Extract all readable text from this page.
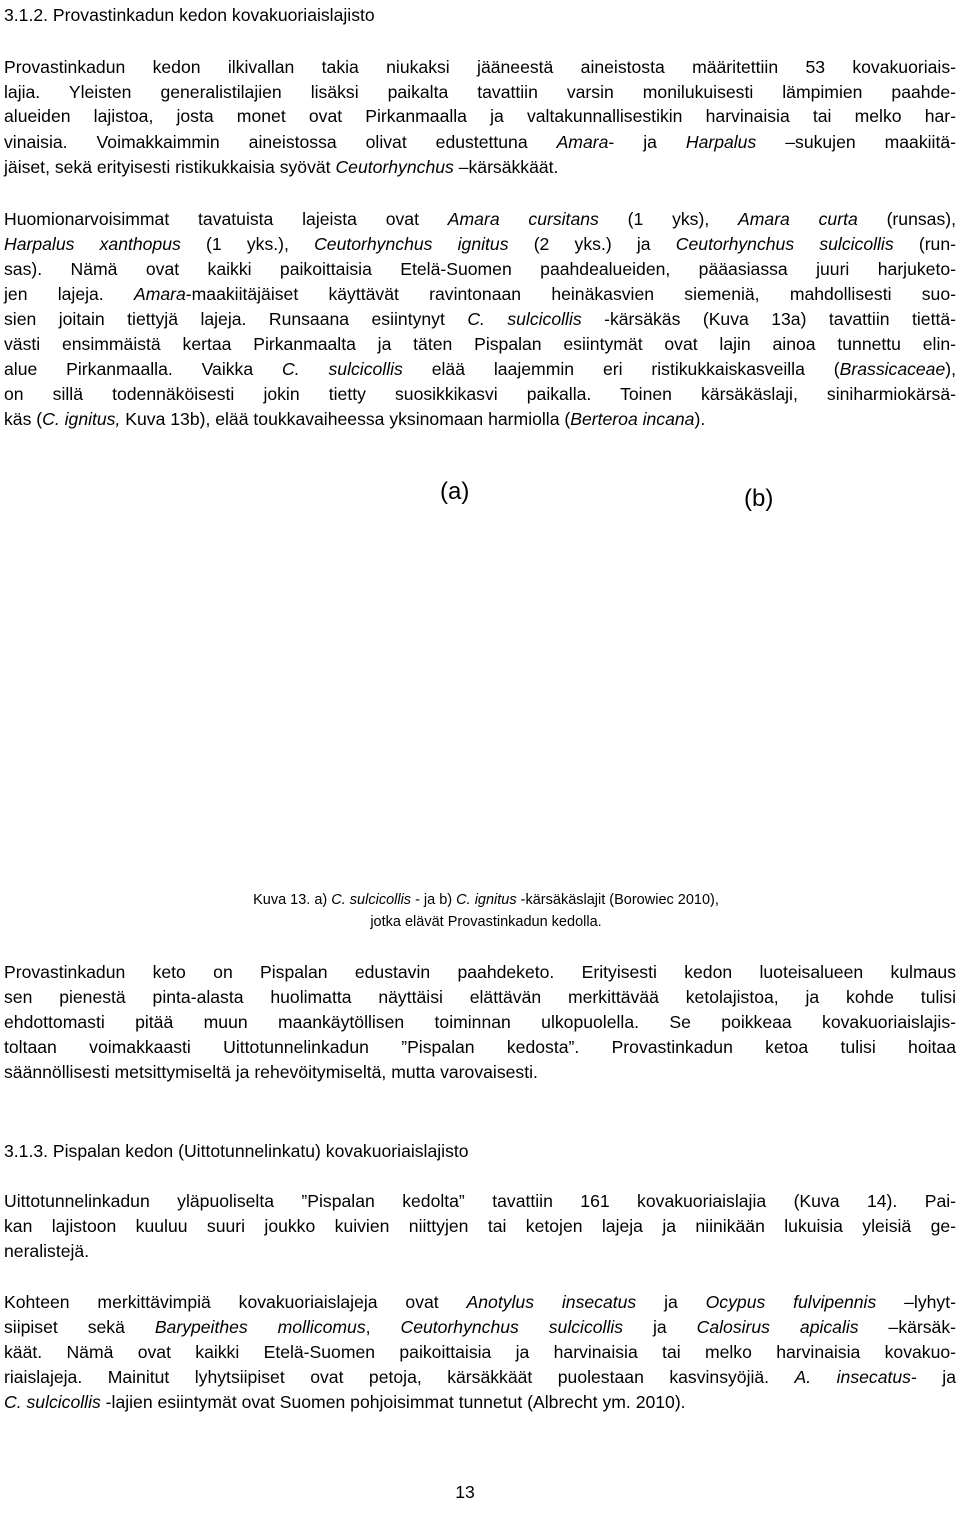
3.1.2. Provastinkadun kedon kovakuoriaislajisto
Provastinkadun kedon ilkivallan takia niukaksi jääneestä aineistosta määritettiin 53 kovakuoriais-
lajia. Yleisten generalistilajien lisäksi paikalta tavattiin varsin monilukuisesti lämpimien paahde-
alueiden lajistoa, josta monet ovat Pirkanmaalla ja valtakunnallisestikin harvinaisia tai melko har-
vinaisia. Voimakkaimmin aineistossa olivat edustettuna Amara- ja Harpalus –sukujen maakiitä-
jäiset, sekä erityisesti ristikukkaisia syövät Ceutorhynchus –kärsäkkäät.
Huomionarvoisimmat tavatuista lajeista ovat Amara cursitans (1 yks), Amara curta (runsas),
Harpalus xanthopus (1 yks.), Ceutorhynchus ignitus (2 yks.) ja Ceutorhynchus sulcicollis (run-
sas). Nämä ovat kaikki paikoittaisia Etelä-Suomen paahdealueiden, pääasiassa juuri harjuketo-
jen lajeja. Amara-maakiitäjäiset käyttävät ravintonaan heinäkasvien siemeniä, mahdollisesti suo-
sien joitain tiettyjä lajeja. Runsaana esiintynyt C. sulcicollis -kärsäkäs (Kuva 13a) tavattiin tiettä-
västi ensimmäistä kertaa Pirkanmaalta ja täten Pispalan esiintymät ovat lajin ainoa tunnettu elin-
alue Pirkanmaalla. Vaikka C. sulcicollis elää laajemmin eri ristikukkaiskasveilla (Brassicaceae),
on sillä todennäköisesti jokin tietty suosikkikasvi paikalla. Toinen kärsäkäslaji, siniharmiokärsä-
käs (C. ignitus, Kuva 13b), elää toukkavaiheessa yksinomaan harmiolla (Berteroa incana).
(a)	(b)
Kuva 13. a) C. sulcicollis - ja b) C. ignitus -kärsäkäslajit (Borowiec 2010),
jotka elävät Provastinkadun kedolla.
Provastinkadun keto on Pispalan edustavin paahdeketo. Erityisesti kedon luoteisalueen kulmaus
sen pienestä pinta-alasta huolimatta näyttäisi elättävän merkittävää ketolajistoa, ja kohde tulisi
ehdottomasti pitää muun maankäytöllisen toiminnan ulkopuolella. Se poikkeaa kovakuoriaislajis-
toltaan voimakkaasti Uittotunnelinkadun ”Pispalan kedosta”. Provastinkadun ketoa tulisi hoitaa
säännöllisesti metsittymiseltä ja rehevöitymiseltä, mutta varovaisesti.
3.1.3. Pispalan kedon (Uittotunnelinkatu) kovakuoriaislajisto
Uittotunnelinkadun yläpuoliselta ”Pispalan kedolta” tavattiin 161 kovakuoriaislajia (Kuva 14). Pai-
kan lajistoon kuuluu suuri joukko kuivien niittyjen tai ketojen lajeja ja niinikään lukuisia yleisiä ge-
neralistejä.
Kohteen merkittävimpiä kovakuoriaislajeja ovat Anotylus insecatus ja Ocypus fulvipennis –lyhyt-
siipiset sekä Barypeithes mollicomus, Ceutorhynchus sulcicollis ja Calosirus apicalis –kärsäk-
käät. Nämä ovat kaikki Etelä-Suomen paikoittaisia ja harvinaisia tai melko harvinaisia kovakuo-
riaislajeja. Mainitut lyhytsiipiset ovat petoja, kärsäkkäät puolestaan kasvinsyöjiä. A. insecatus- ja
C. sulcicollis -lajien esiintymät ovat Suomen pohjoisimmat tunnetut (Albrecht ym. 2010).
13
